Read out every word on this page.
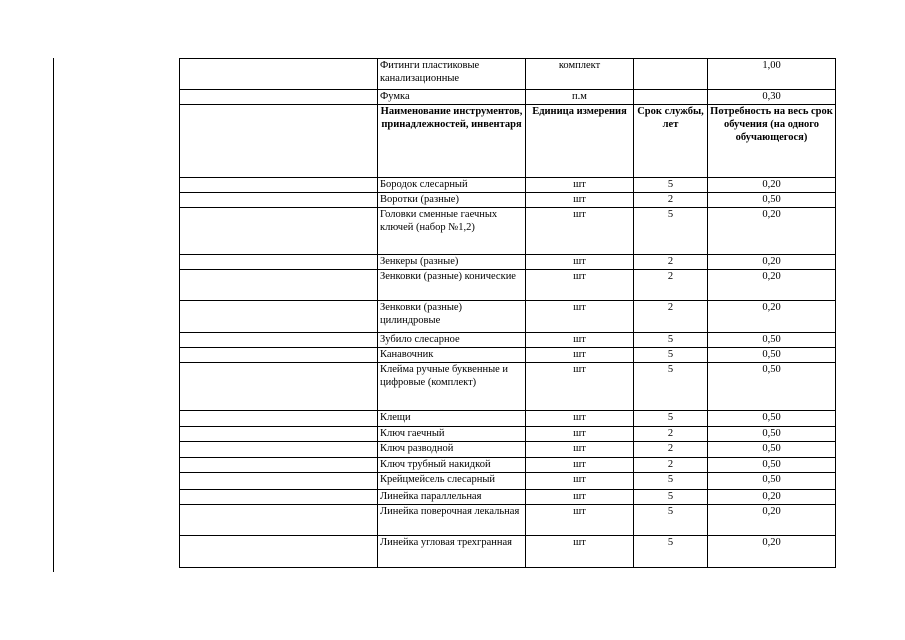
	Фитинги пластиковые канализационные	комплект		1,00
	Фумка	п.м		0,30
	Наименование инструментов, принадлежностей, инвентаря	Единица измерения	Срок службы, лет	Потребность на весь срок обучения (на одного обучающегося)
	Бородок слесарный	шт	5	0,20
	Воротки (разные)	шт	2	0,50
	Головки сменные гаечных ключей (набор №1,2)	шт	5	0,20
	Зенкеры (разные)	шт	2	0,20
	Зенковки (разные) конические	шт	2	0,20
	Зенковки (разные) цилиндровые	шт	2	0,20
	Зубило слесарное	шт	5	0,50
	Канавочник	шт	5	0,50
	Клейма ручные буквенные и цифровые (комплект)	шт	5	0,50
	Клещи	шт	5	0,50
	Ключ гаечный	шт	2	0,50
	Ключ разводной	шт	2	0,50
	Ключ трубный накидкой	шт	2	0,50
	Крейцмейсель слесарный	шт	5	0,50
	Линейка параллельная	шт	5	0,20
	Линейка поверочная лекальная	шт	5	0,20
	Линейка угловая трехгранная	шт	5	0,20
